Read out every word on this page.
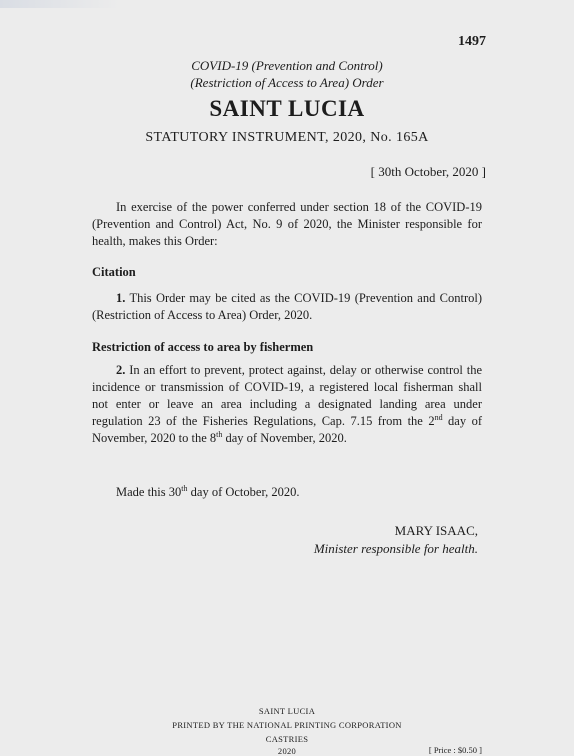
1497
COVID-19 (Prevention and Control)
(Restriction of Access to Area) Order
SAINT LUCIA
STATUTORY INSTRUMENT, 2020, No. 165A
[ 30th October, 2020 ]
In exercise of the power conferred under section 18 of the COVID-19 (Prevention and Control) Act, No. 9 of 2020, the Minister responsible for health, makes this Order:
Citation
1. This Order may be cited as the COVID-19 (Prevention and Control) (Restriction of Access to Area) Order, 2020.
Restriction of access to area by fishermen
2. In an effort to prevent, protect against, delay or otherwise control the incidence or transmission of COVID-19, a registered local fisherman shall not enter or leave an area including a designated landing area under regulation 23 of the Fisheries Regulations, Cap. 7.15 from the 2nd day of November, 2020 to the 8th day of November, 2020.
Made this 30th day of October, 2020.
MARY ISAAC,
Minister responsible for health.
SAINT LUCIA
PRINTED BY THE NATIONAL PRINTING CORPORATION
CASTRIES
2020	[ Price : $0.50 ]
